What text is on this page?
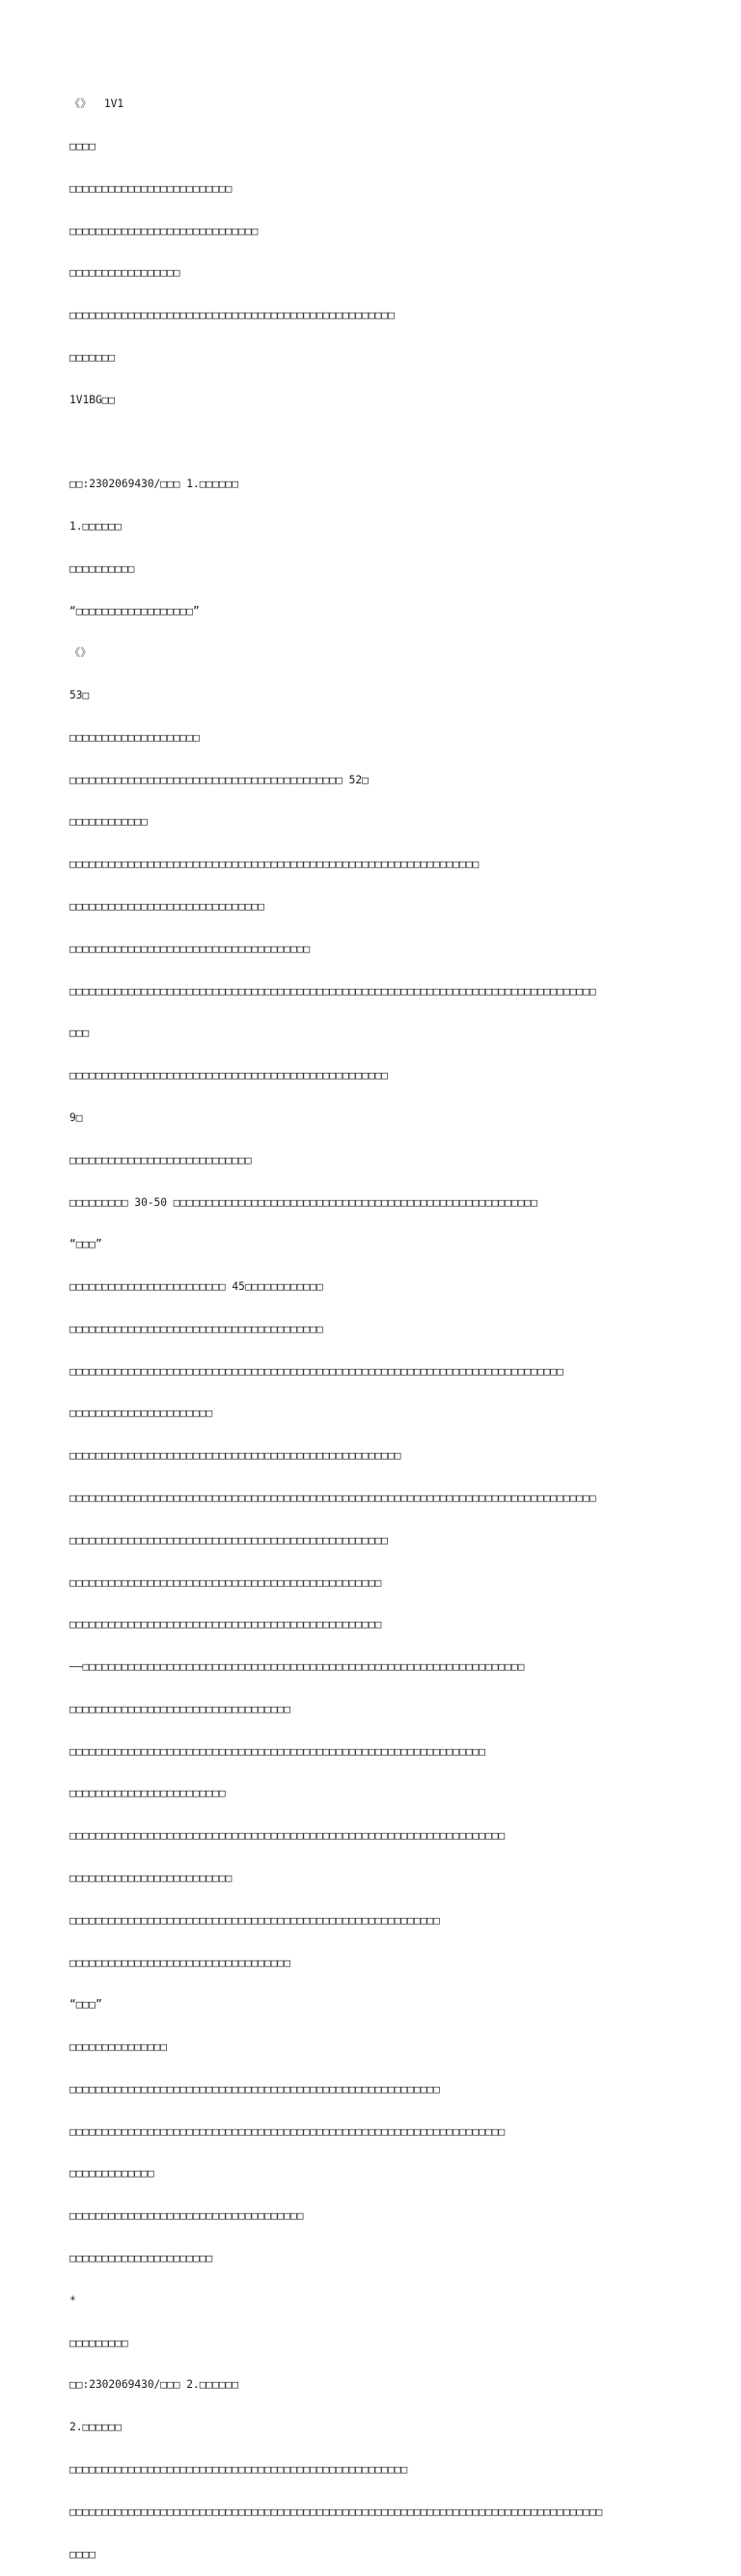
《》  1V1

□□□□

□□□□□□□□□□□□□□□□□□□□□□□□□

□□□□□□□□□□□□□□□□□□□□□□□□□□□□□

□□□□□□□□□□□□□□□□□

□□□□□□□□□□□□□□□□□□□□□□□□□□□□□□□□□□□□□□□□□□□□□□□□□□

□□□□□□□

1V1BG□□

□□:2302069430/□□□ 1.□□□□□□

1.□□□□□□

□□□□□□□□□□

“□□□□□□□□□□□□□□□□□□”

《》

53□

□□□□□□□□□□□□□□□□□□□□

□□□□□□□□□□□□□□□□□□□□□□□□□□□□□□□□□□□□□□□□□□ 52□

□□□□□□□□□□□□

□□□□□□□□□□□□□□□□□□□□□□□□□□□□□□□□□□□□□□□□□□□□□□□□□□□□□□□□□□□□□□□

□□□□□□□□□□□□□□□□□□□□□□□□□□□□□□

□□□□□□□□□□□□□□□□□□□□□□□□□□□□□□□□□□□□□

□□□□□□□□□□□□□□□□□□□□□□□□□□□□□□□□□□□□□□□□□□□□□□□□□□□□□□□□□□□□□□□□□□□□□□□□□□□□□□□□□

□□□

□□□□□□□□□□□□□□□□□□□□□□□□□□□□□□□□□□□□□□□□□□□□□□□□□

9□

□□□□□□□□□□□□□□□□□□□□□□□□□□□□

□□□□□□□□□ 30-50 □□□□□□□□□□□□□□□□□□□□□□□□□□□□□□□□□□□□□□□□□□□□□□□□□□□□□□□□

“□□□”

□□□□□□□□□□□□□□□□□□□□□□□□ 45□□□□□□□□□□□□

□□□□□□□□□□□□□□□□□□□□□□□□□□□□□□□□□□□□□□□

□□□□□□□□□□□□□□□□□□□□□□□□□□□□□□□□□□□□□□□□□□□□□□□□□□□□□□□□□□□□□□□□□□□□□□□□□□□□

□□□□□□□□□□□□□□□□□□□□□□

□□□□□□□□□□□□□□□□□□□□□□□□□□□□□□□□□□□□□□□□□□□□□□□□□□□

□□□□□□□□□□□□□□□□□□□□□□□□□□□□□□□□□□□□□□□□□□□□□□□□□□□□□□□□□□□□□□□□□□□□□□□□□□□□□□□□□

□□□□□□□□□□□□□□□□□□□□□□□□□□□□□□□□□□□□□□□□□□□□□□□□□

□□□□□□□□□□□□□□□□□□□□□□□□□□□□□□□□□□□□□□□□□□□□□□□□

□□□□□□□□□□□□□□□□□□□□□□□□□□□□□□□□□□□□□□□□□□□□□□□□

——□□□□□□□□□□□□□□□□□□□□□□□□□□□□□□□□□□□□□□□□□□□□□□□□□□□□□□□□□□□□□□□□□□□□

□□□□□□□□□□□□□□□□□□□□□□□□□□□□□□□□□□

□□□□□□□□□□□□□□□□□□□□□□□□□□□□□□□□□□□□□□□□□□□□□□□□□□□□□□□□□□□□□□□□

□□□□□□□□□□□□□□□□□□□□□□□□

□□□□□□□□□□□□□□□□□□□□□□□□□□□□□□□□□□□□□□□□□□□□□□□□□□□□□□□□□□□□□□□□□□□

□□□□□□□□□□□□□□□□□□□□□□□□□

□□□□□□□□□□□□□□□□□□□□□□□□□□□□□□□□□□□□□□□□□□□□□□□□□□□□□□□□□

□□□□□□□□□□□□□□□□□□□□□□□□□□□□□□□□□□

“□□□”

□□□□□□□□□□□□□□□

□□□□□□□□□□□□□□□□□□□□□□□□□□□□□□□□□□□□□□□□□□□□□□□□□□□□□□□□□

□□□□□□□□□□□□□□□□□□□□□□□□□□□□□□□□□□□□□□□□□□□□□□□□□□□□□□□□□□□□□□□□□□□

□□□□□□□□□□□□□

□□□□□□□□□□□□□□□□□□□□□□□□□□□□□□□□□□□□

□□□□□□□□□□□□□□□□□□□□□□

*

□□□□□□□□□

□□:2302069430/□□□ 2.□□□□□□

2.□□□□□□

□□□□□□□□□□□□□□□□□□□□□□□□□□□□□□□□□□□□□□□□□□□□□□□□□□□□

□□□□□□□□□□□□□□□□□□□□□□□□□□□□□□□□□□□□□□□□□□□□□□□□□□□□□□□□□□□□□□□□□□□□□□□□□□□□□□□□□□

□□□□
